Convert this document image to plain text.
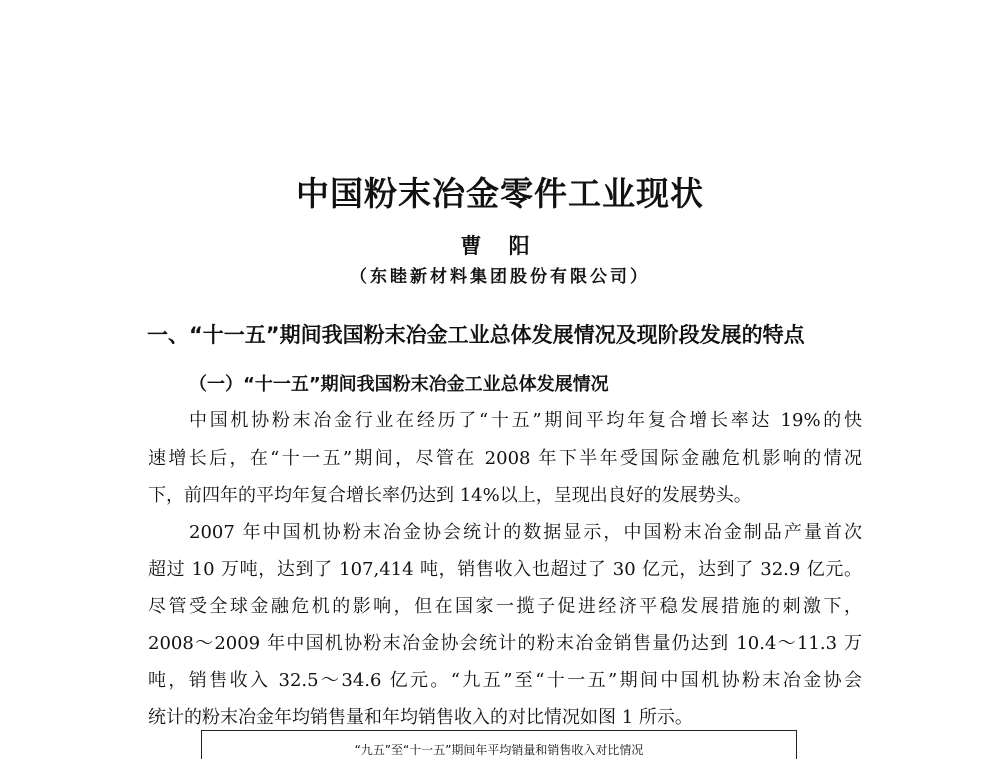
中国粉末冶金零件工业现状

曹 阳

（东睦新材料集团股份有限公司）

一、“十一五”期间我国粉末冶金工业总体发展情况及现阶段发展的特点
（一）“十一五”期间我国粉末冶金工业总体发展情况

中国机协粉末冶金行业在经历了“十五”期间平均年复合增长率达 19%的快

速增长后，在“十一五”期间，尽管在 2008 年下半年受国际金融危机影响的情况

下，前四年的平均年复合增长率仍达到 14%以上，呈现出良好的发展势头。

2007 年中国机协粉末冶金协会统计的数据显示，中国粉末冶金制品产量首次

超过 10 万吨，达到了 107,414 吨，销售收入也超过了 30 亿元，达到了 32.9 亿元。

尽管受全球金融危机的影响，但在国家一揽子促进经济平稳发展措施的刺激下，

2008～2009 年中国机协粉末冶金协会统计的粉末冶金销售量仍达到 10.4～11.3 万

吨，销售收入 32.5～34.6 亿元。“九五”至“十一五”期间中国机协粉末冶金协会

统计的粉末冶金年均销售量和年均销售收入的对比情况如图 1 所示。

“九五”至“十一五”期间年平均销量和销售收入对比情况
